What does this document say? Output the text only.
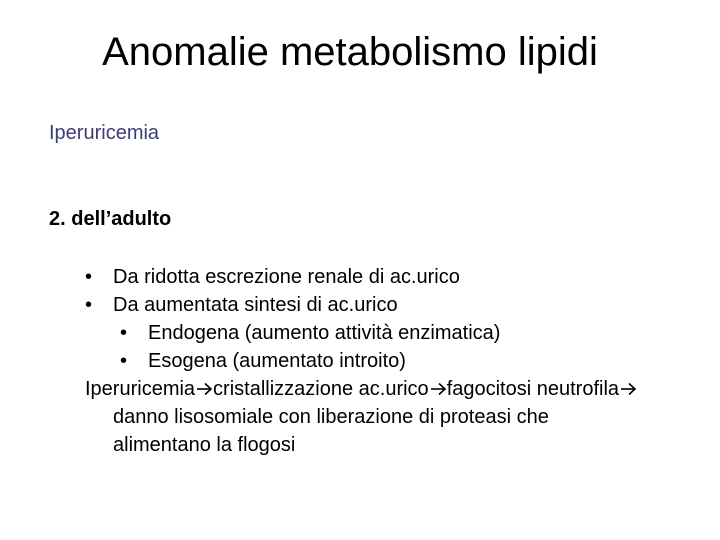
Anomalie metabolismo lipidi
Iperuricemia
2. dell’adulto
• Da ridotta escrezione renale di ac.urico
• Da aumentata sintesi di ac.urico
• Endogena (aumento attività enzimatica)
• Esogena (aumentato introito)
Iperuricemia cristallizzazione ac.urico fagocitosi neutrofila
danno lisosomiale con liberazione di proteasi che alimentano la flogosi
